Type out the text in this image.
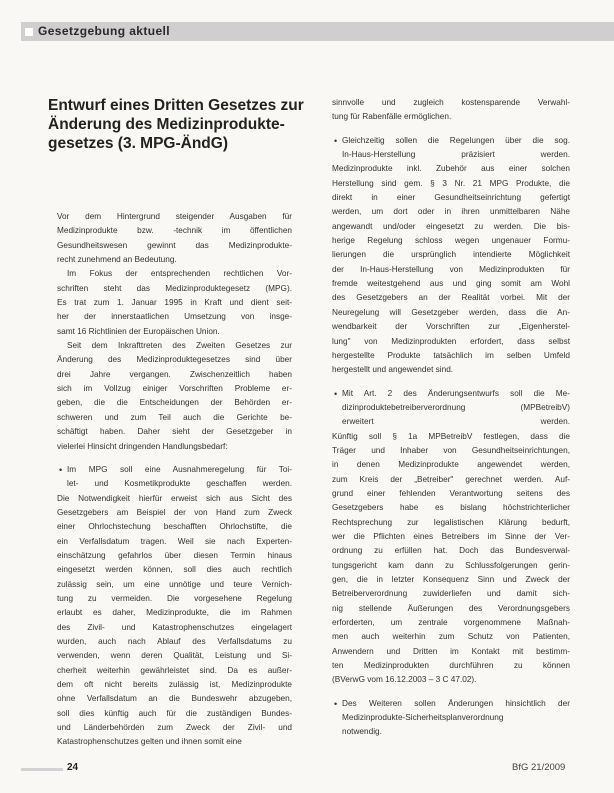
Gesetzgebung aktuell
Entwurf eines Dritten Gesetzes zur
Änderung des Medizinprodukte-
gesetzes (3. MPG-ÄndG)
Vor dem Hintergrund steigender Ausgaben für
Medizinprodukte bzw. -technik im öffentlichen
Gesundheitswesen gewinnt das Medizinprodukte-
recht zunehmend an Bedeutung.
Im Fokus der entsprechenden rechtlichen Vor-
schriften steht das Medizinproduktegesetz (MPG).
Es trat zum 1. Januar 1995 in Kraft und dient seit-
her der innerstaatlichen Umsetzung von insge-
samt 16 Richtlinien der Europäischen Union.
Seit dem Inkrafttreten des Zweiten Gesetzes zur
Änderung des Medizinproduktegesetzes sind über
drei Jahre vergangen. Zwischenzeitlich haben
sich im Vollzug einiger Vorschriften Probleme er-
geben, die die Entscheidungen der Behörden er-
schweren und zum Teil auch die Gerichte be-
schäftigt haben. Daher sieht der Gesetzgeber in
vielerlei Hinsicht dringenden Handlungsbedarf:
• Im MPG soll eine Ausnahmeregelung für Toi-
let- und Kosmetikprodukte geschaffen werden.
Die Notwendigkeit hierfür erweist sich aus Sicht des
Gesetzgebers am Beispiel der von Hand zum Zweck
einer Ohrlochstechung beschafften Ohrlochstifte, die
ein Verfallsdatum tragen. Weil sie nach Experten-
einschätzung gefahrlos über diesen Termin hinaus
eingesetzt werden können, soll dies auch rechtlich
zulässig sein, um eine unnötige und teure Vernich-
tung zu vermeiden. Die vorgesehene Regelung
erlaubt es daher, Medizinprodukte, die im Rahmen
des Zivil- und Katastrophenschutzes eingelagert
wurden, auch nach Ablauf des Verfallsdatums zu
verwenden, wenn deren Qualität, Leistung und Si-
cherheit weiterhin gewährleistet sind. Da es außer-
dem oft nicht bereits zulässig ist, Medizinprodukte
ohne Verfallsdatum an die Bundeswehr abzugeben,
soll dies künftig auch für die zuständigen Bundes-
und Länderbehörden zum Zweck der Zivil- und
Katastrophenschutzes gelten und ihnen somit eine
sinnvolle und zugleich kostensparende Verwahl-
tung für Rabenfälle ermöglichen.
• Gleichzeitig sollen die Regelungen über die sog.
In-Haus-Herstellung präzisiert werden.
Medizinprodukte inkl. Zubehör aus einer solchen
Herstellung sind gem. § 3 Nr. 21 MPG Produkte, die
direkt in einer Gesundheitseinrichtung gefertigt
werden, um dort oder in ihren unmittelbaren Nähe
angewandt und/oder eingesetzt zu werden. Die bis-
herige Regelung schloss wegen ungenauer Formu-
lierungen die ursprünglich intendierte Möglichkeit
der In-Haus-Herstellung von Medizinprodukten für
fremde weitestgehend aus und ging somit am Wohl
des Gesetzgebers an der Realität vorbei. Mit der
Neuregelung will Gesetzgeber werden, dass die An-
wendbarkeit der Vorschriften zur „Eigenherstel-
lung" von Medizinprodukten erfordert, dass selbst
hergestellte Produkte tatsächlich im selben Umfeld
hergestellt und angewendet sind.
• Mit Art. 2 des Änderungsentwurfs soll die Me-
dizinproduktebetreiberverordnung (MPBetreibV)
erweitert werden.
Künftig soll § 1a MPBetreibV festlegen, dass die
Träger und Inhaber von Gesundheitseinrichtungen,
in denen Medizinprodukte angewendet werden,
zum Kreis der „Betreiber" gerechnet werden. Auf-
grund einer fehlenden Verantwortung seitens des
Gesetzgebers habe es bislang höchstrichterlicher
Rechtsprechung zur Iegalistischen Klärung bedurft,
wer die Pflichten eines Betreibers im Sinne der Ver-
ordnung zu erfüllen hat. Doch das Bundesverwal-
tungsgericht kam dann zu Schlussfolgerungen gerin-
gen, die in letzter Konsequenz Sinn und Zweck der
Betreiberverordnung zuwiderliefen und damit sich-
nig stellende Äußerungen des Verordnungsgebers
erforderten, um zentrale vorgenommene Maßnah-
men auch weiterhin zum Schutz von Patienten,
Anwendern und Dritten im Kontakt mit bestimm-
ten Medizinprodukten durchführen zu können
(BVerwG vom 16.12.2003 – 3 C 47.02).
• Des Weiteren sollen Änderungen hinsichtlich der
Medizinprodukte-Sicherheitsplanverordnung
notwendig.
24	BfG 21/2009
